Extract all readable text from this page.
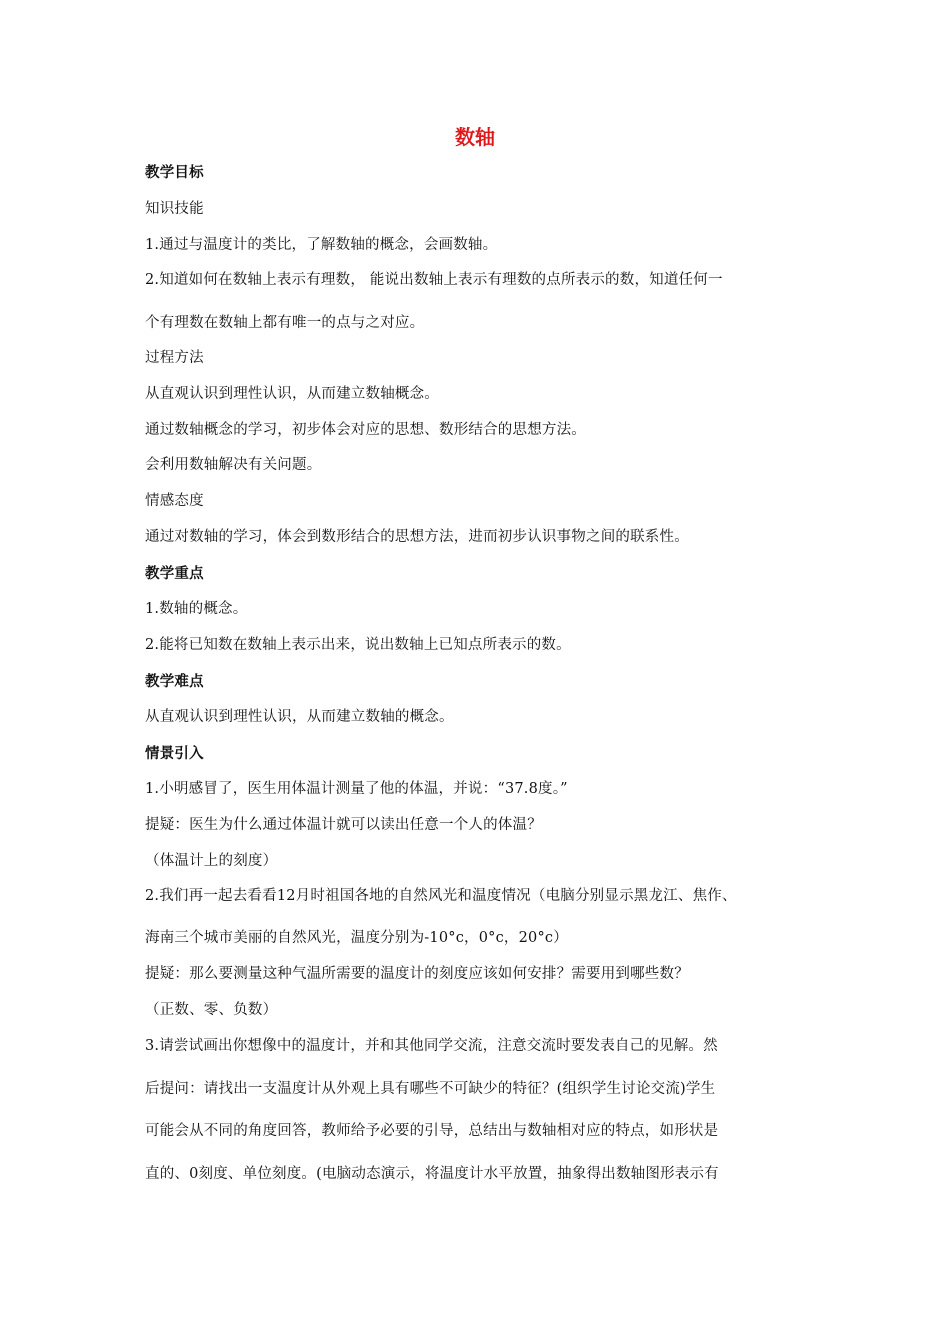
数轴
教学目标
知识技能
1.通过与温度计的类比，了解数轴的概念，会画数轴。
2.知道如何在数轴上表示有理数， 能说出数轴上表示有理数的点所表示的数，知道任何一
个有理数在数轴上都有唯一的点与之对应。
过程方法
从直观认识到理性认识，从而建立数轴概念。
通过数轴概念的学习，初步体会对应的思想、数形结合的思想方法。
会利用数轴解决有关问题。
情感态度
通过对数轴的学习，体会到数形结合的思想方法，进而初步认识事物之间的联系性。
教学重点
1.数轴的概念。
2.能将已知数在数轴上表示出来，说出数轴上已知点所表示的数。
教学难点
从直观认识到理性认识，从而建立数轴的概念。
情景引入
1.小明感冒了，医生用体温计测量了他的体温，并说：“37.8度。”
提疑：医生为什么通过体温计就可以读出任意一个人的体温？
（体温计上的刻度）
2.我们再一起去看看12月时祖国各地的自然风光和温度情况（电脑分别显示黑龙江、焦作、
海南三个城市美丽的自然风光，温度分别为-10°c，0°c，20°c）
提疑：那么要测量这种气温所需要的温度计的刻度应该如何安排？需要用到哪些数？
（正数、零、负数）
3.请尝试画出你想像中的温度计，并和其他同学交流，注意交流时要发表自己的见解。然
后提问：请找出一支温度计从外观上具有哪些不可缺少的特征？(组织学生讨论交流)学生
可能会从不同的角度回答，教师给予必要的引导，总结出与数轴相对应的特点，如形状是
直的、0刻度、单位刻度。(电脑动态演示，将温度计水平放置，抽象得出数轴图形表示有
